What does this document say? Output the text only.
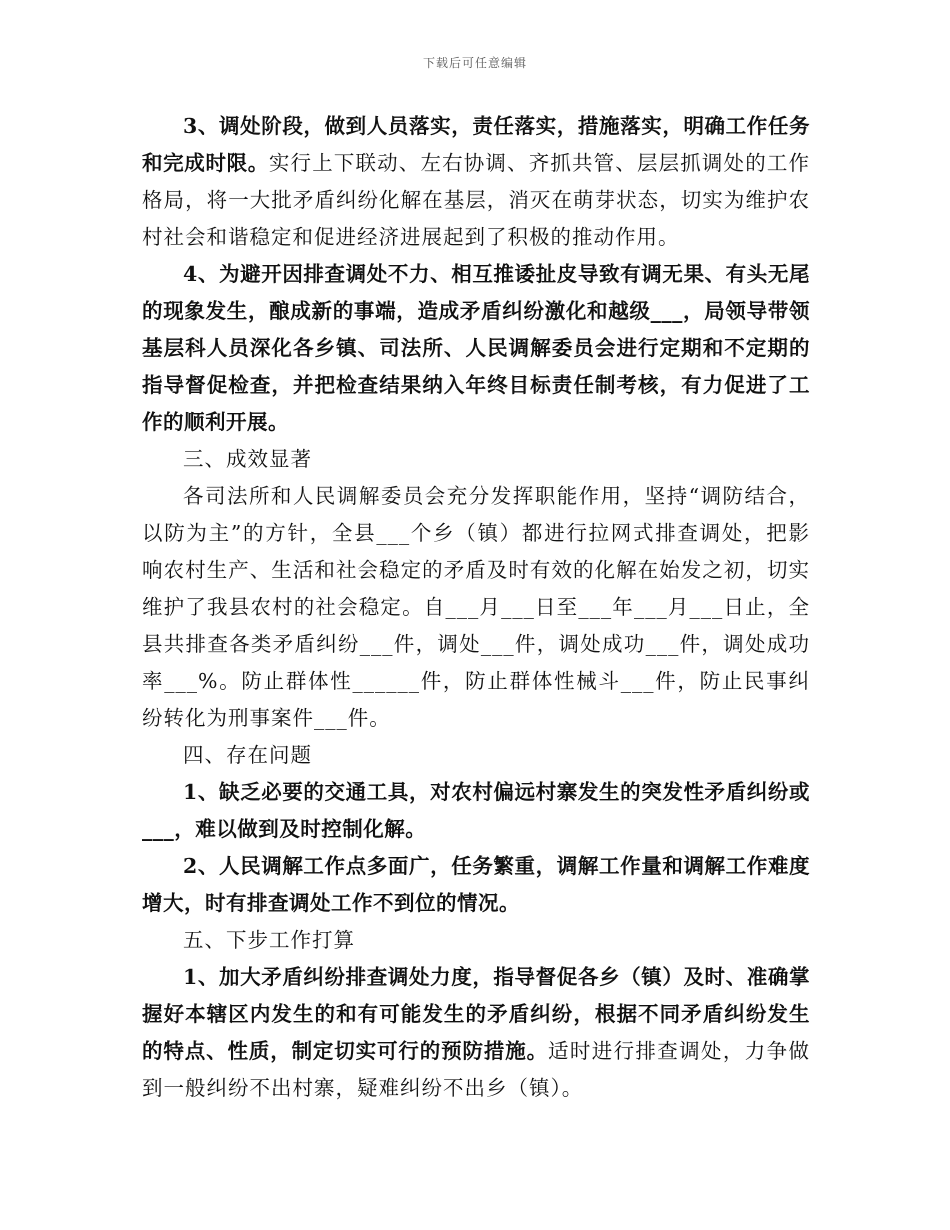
下载后可任意编辑

3、调处阶段，做到人员落实，责任落实，措施落实，明确工作任务和完成时限。实行上下联动、左右协调、齐抓共管、层层抓调处的工作格局，将一大批矛盾纠纷化解在基层，消灭在萌芽状态，切实为维护农村社会和谐稳定和促进经济进展起到了积极的推动作用。

4、为避开因排查调处不力、相互推诿扯皮导致有调无果、有头无尾的现象发生，酿成新的事端，造成矛盾纠纷激化和越级___，局领导带领基层科人员深化各乡镇、司法所、人民调解委员会进行定期和不定期的指导督促检查，并把检查结果纳入年终目标责任制考核，有力促进了工作的顺利开展。

三、成效显著

各司法所和人民调解委员会充分发挥职能作用，坚持“调防结合，以防为主”的方针，全县___个乡（镇）都进行拉网式排查调处，把影响农村生产、生活和社会稳定的矛盾及时有效的化解在始发之初，切实维护了我县农村的社会稳定。自___月___日至___年___月___日止，全县共排查各类矛盾纠纷___件，调处___件，调处成功___件，调处成功率___%。防止群体性______件，防止群体性械斗___件，防止民事纠纷转化为刑事案件___件。

四、存在问题

1、缺乏必要的交通工具，对农村偏远村寨发生的突发性矛盾纠纷或___，难以做到及时控制化解。

2、人民调解工作点多面广，任务繁重，调解工作量和调解工作难度增大，时有排查调处工作不到位的情况。

五、下步工作打算

1、加大矛盾纠纷排查调处力度，指导督促各乡（镇）及时、准确掌握好本辖区内发生的和有可能发生的矛盾纠纷，根据不同矛盾纠纷发生的特点、性质，制定切实可行的预防措施。适时进行排查调处，力争做到一般纠纷不出村寨，疑难纠纷不出乡（镇）。
